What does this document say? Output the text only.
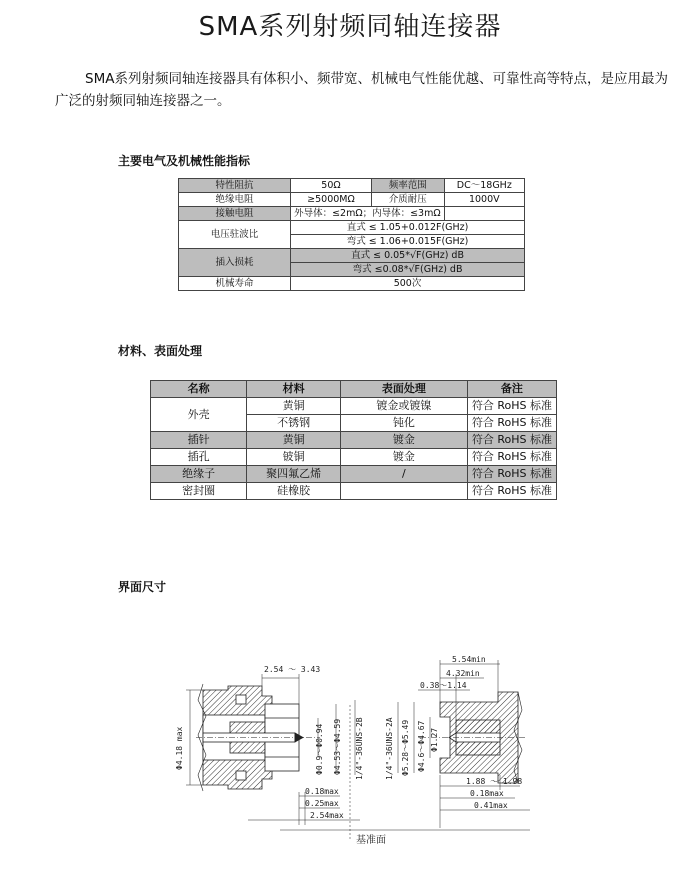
SMA系列射频同轴连接器
SMA系列射频同轴连接器具有体积小、频带宽、机械电气性能优越、可靠性高等特点，是应用最为广泛的射频同轴连接器之一。
主要电气及机械性能指标
特性阻抗	50Ω	频率范围	DC～18GHz
绝缘电阻	≥5000MΩ	介质耐压	1000V
接触电阻	外导体：≤2mΩ；内导体：≤3mΩ		
电压驻波比	直式 ≤ 1.05+0.012F(GHz)		
	弯式 ≤ 1.06+0.015F(GHz)		
插入损耗	直式 ≤ 0.05*√F(GHz) dB		
	弯式 ≤0.08*√F(GHz) dB		
机械寿命	500次		
材料、表面处理
名称	材料	表面处理	备注
外壳	黄铜	镀金或镀镍	符合 RoHS 标准
	不锈钢	钝化	符合 RoHS 标准
插针	黄铜	镀金	符合 RoHS 标准
插孔	铍铜	镀金	符合 RoHS 标准
绝缘子	聚四氟乙烯	/	符合 RoHS 标准
密封圈	硅橡胶		符合 RoHS 标准
界面尺寸
2.54 ～ 3.43
Φ4.18 max	Φ0.9～Φ0.94 Φ4.53～Φ4.59 1/4"-36UNS-2B
0.18max
0.25max
2.54max
5.54min
4.32min
0.38～1.14
1/4"-36UNS-2A Φ5.28～Φ5.49 Φ4.6～Φ4.67 Φ1.27
1.88 ～ 1.98
0.18max
0.41max
基准面
